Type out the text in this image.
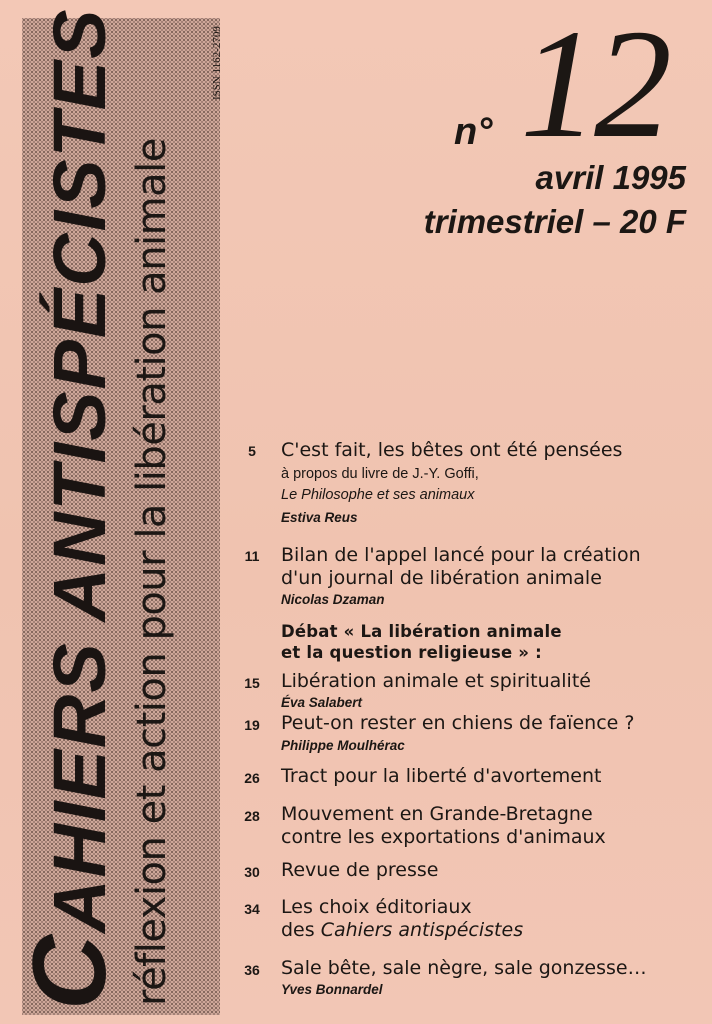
CAHIERS ANTISPÉCISTES réflexion et action pour la libération animale
ISSN 1162-2709
n° 12
avril 1995
trimestriel – 20 F
5	C'est fait, les bêtes ont été pensées
à propos du livre de J.-Y. Goffi,
Le Philosophe et ses animaux
Estiva Reus
11	Bilan de l'appel lancé pour la création
d'un journal de libération animale
Nicolas Dzaman
Débat « La libération animale
et la question religieuse » :
15	Libération animale et spiritualité
Éva Salabert
19	Peut-on rester en chiens de faïence ?
Philippe Moulhérac
26	Tract pour la liberté d'avortement
28	Mouvement en Grande-Bretagne
contre les exportations d'animaux
30	Revue de presse
34	Les choix éditoriaux
des Cahiers antispécistes
36	Sale bête, sale nègre, sale gonzesse…
Yves Bonnardel
